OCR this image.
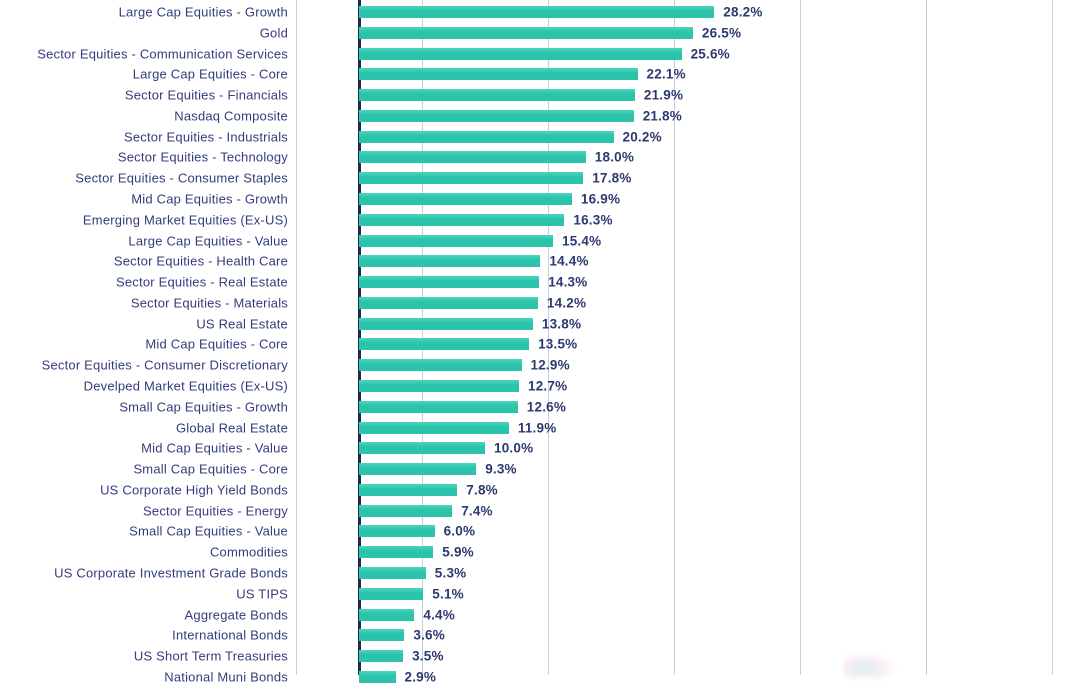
Large Cap Equities - Growth	28.2%
Gold	26.5%
Sector Equities - Communication Services	25.6%
Large Cap Equities - Core	22.1%
Sector Equities - Financials	21.9%
Nasdaq Composite	21.8%
Sector Equities - Industrials	20.2%
Sector Equities - Technology	18.0%
Sector Equities - Consumer Staples	17.8%
Mid Cap Equities - Growth	16.9%
Emerging Market Equities (Ex-US)	16.3%
Large Cap Equities - Value	15.4%
Sector Equities - Health Care	14.4%
Sector Equities - Real Estate	14.3%
Sector Equities - Materials	14.2%
US Real Estate	13.8%
Mid Cap Equities - Core	13.5%
Sector Equities - Consumer Discretionary	12.9%
Develped Market Equities (Ex-US)	12.7%
Small Cap Equities - Growth	12.6%
Global Real Estate	11.9%
Mid Cap Equities - Value	10.0%
Small Cap Equities - Core	9.3%
US Corporate High Yield Bonds	7.8%
Sector Equities - Energy	7.4%
Small Cap Equities - Value	6.0%
Commodities	5.9%
US Corporate Investment Grade Bonds	5.3%
US TIPS	5.1%
Aggregate Bonds	4.4%
International Bonds	3.6%
US Short Term Treasuries	3.5%
National Muni Bonds	2.9%
